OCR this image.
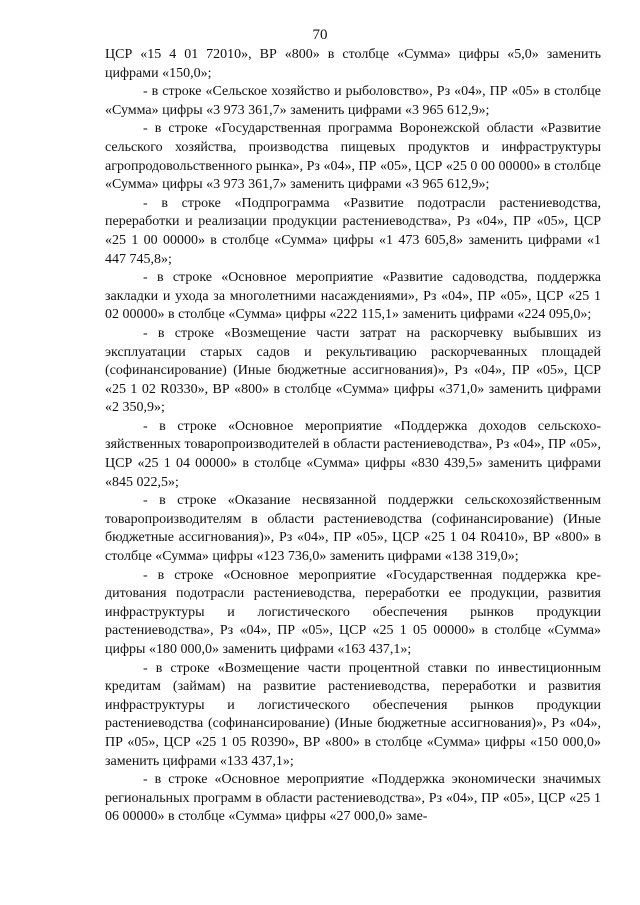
70

ЦСР «15 4 01 72010», ВР «800» в столбце «Сумма» цифры «5,0» заменить цифрами «150,0»;

- в строке «Сельское хозяйство и рыболовство», Рз «04», ПР «05» в столбце «Сумма» цифры «3 973 361,7» заменить цифрами «3 965 612,9»;

- в строке «Государственная программа Воронежской области «Развитие сельского хозяйства, производства пищевых продуктов и инфраструктуры агропродовольственного рынка», Рз «04», ПР «05», ЦСР «25 0 00 00000» в столбце «Сумма» цифры «3 973 361,7» заменить цифрами «3 965 612,9»;

- в строке «Подпрограмма «Развитие подотрасли растениеводства, переработки и реализации продукции растениеводства», Рз «04», ПР «05», ЦСР «25 1 00 00000» в столбце «Сумма» цифры «1 473 605,8» заменить цифрами «1 447 745,8»;

- в строке «Основное мероприятие «Развитие садоводства, поддержка закладки и ухода за многолетними насаждениями», Рз «04», ПР «05», ЦСР «25 1 02 00000» в столбце «Сумма» цифры «222 115,1» заменить цифрами «224 095,0»;

- в строке «Возмещение части затрат на раскорчевку выбывших из эксплуатации старых садов и рекультивацию раскорчеванных площадей (софинансирование) (Иные бюджетные ассигнования)», Рз «04», ПР «05», ЦСР «25 1 02 R0330», ВР «800» в столбце «Сумма» цифры «371,0» заменить цифрами «2 350,9»;

- в строке «Основное мероприятие «Поддержка доходов сельскохозяйственных товаропроизводителей в области растениеводства», Рз «04», ПР «05», ЦСР «25 1 04 00000» в столбце «Сумма» цифры «830 439,5» заменить цифрами «845 022,5»;

- в строке «Оказание несвязанной поддержки сельскохозяйственным товаропроизводителям в области растениеводства (софинансирование) (Иные бюджетные ассигнования)», Рз «04», ПР «05», ЦСР «25 1 04 R0410», ВР «800» в столбце «Сумма» цифры «123 736,0» заменить цифрами «138 319,0»;

- в строке «Основное мероприятие «Государственная поддержка кредитования подотрасли растениеводства, переработки ее продукции, развития инфраструктуры и логистического обеспечения рынков продукции растениеводства», Рз «04», ПР «05», ЦСР «25 1 05 00000» в столбце «Сумма» цифры «180 000,0» заменить цифрами «163 437,1»;

- в строке «Возмещение части процентной ставки по инвестиционным кредитам (займам) на развитие растениеводства, переработки и развития инфраструктуры и логистического обеспечения рынков продукции растениеводства (софинансирование) (Иные бюджетные ассигнования)», Рз «04», ПР «05», ЦСР «25 1 05 R0390», ВР «800» в столбце «Сумма» цифры «150 000,0» заменить цифрами «133 437,1»;

- в строке «Основное мероприятие «Поддержка экономически значимых региональных программ в области растениеводства», Рз «04», ПР «05», ЦСР «25 1 06 00000» в столбце «Сумма» цифры «27 000,0» заме-
